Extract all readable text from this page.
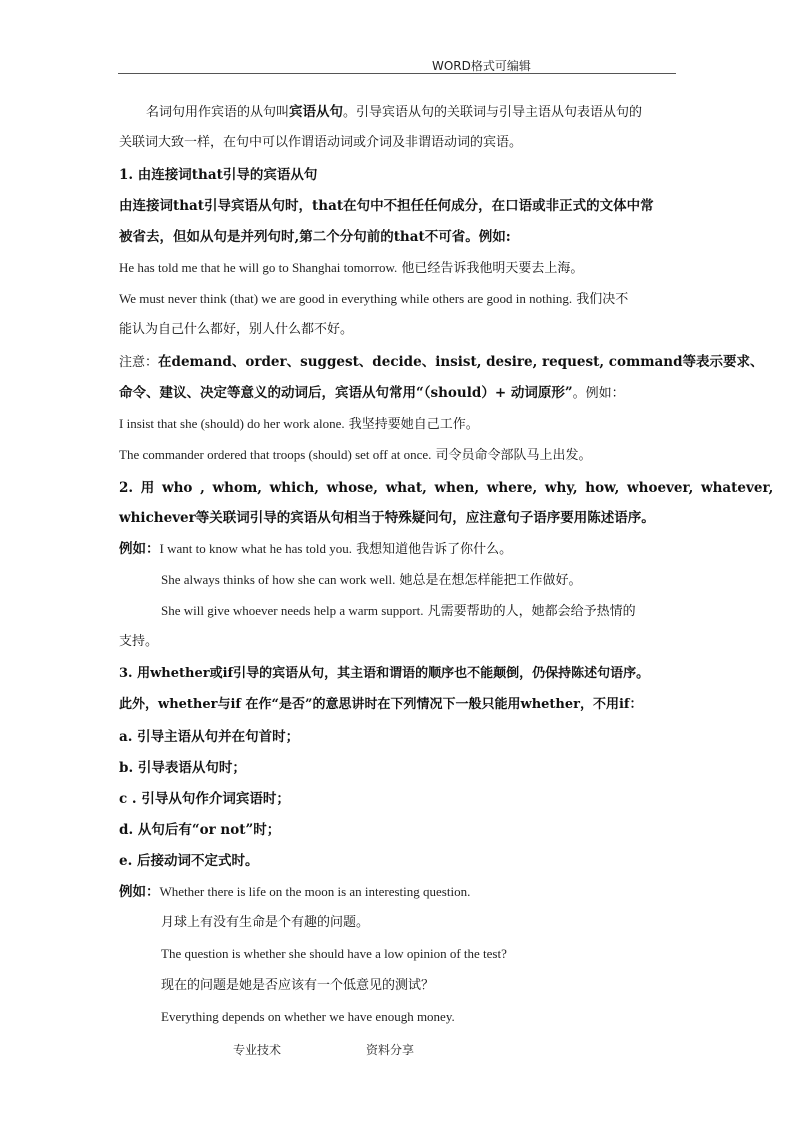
WORD格式可编辑
名词句用作宾语的从句叫宾语从句。引导宾语从句的关联词与引导主语从句表语从句的
关联词大致一样，在句中可以作谓语动词或介词及非谓语动词的宾语。
1. 由连接词that引导的宾语从句
由连接词that引导宾语从句时，that在句中不担任任何成分，在口语或非正式的文体中常
被省去，但如从句是并列句时,第二个分句前的that不可省。例如:
He has told me that he will go to Shanghai tomorrow. 他已经告诉我他明天要去上海。
We must never think (that) we are good in everything while others are good in nothing. 我们决不
能认为自己什么都好，别人什么都不好。
注意：在demand、order、suggest、decide、insist, desire, request, command等表示要求、
命令、建议、决定等意义的动词后，宾语从句常用“（should）+ 动词原形”。例如：
I insist that she (should) do her work alone. 我坚持要她自己工作。
The commander ordered that troops (should) set off at once. 司令员命令部队马上出发。
2. 用 who , whom, which, whose, what, when, where, why, how, whoever, whatever,
whichever等关联词引导的宾语从句相当于特殊疑问句，应注意句子语序要用陈述语序。
例如：I want to know what he has told you. 我想知道他告诉了你什么。
She always thinks of how she can work well. 她总是在想怎样能把工作做好。
She will give whoever needs help a warm support. 凡需要帮助的人，她都会给予热情的
支持。
3. 用whether或if引导的宾语从句，其主语和谓语的顺序也不能颠倒，仍保持陈述句语序。
此外，whether与if 在作“是否”的意思讲时在下列情况下一般只能用whether，不用if：
a. 引导主语从句并在句首时；
b. 引导表语从句时；
c . 引导从句作介词宾语时；
d. 从句后有“or not”时；
e. 后接动词不定式时。
例如：Whether there is life on the moon is an interesting question.
月球上有没有生命是个有趣的问题。
The question is whether she should have a low opinion of the test?
现在的问题是她是否应该有一个低意见的测试？
Everything depends on whether we have enough money.
专业技术	资料分享
